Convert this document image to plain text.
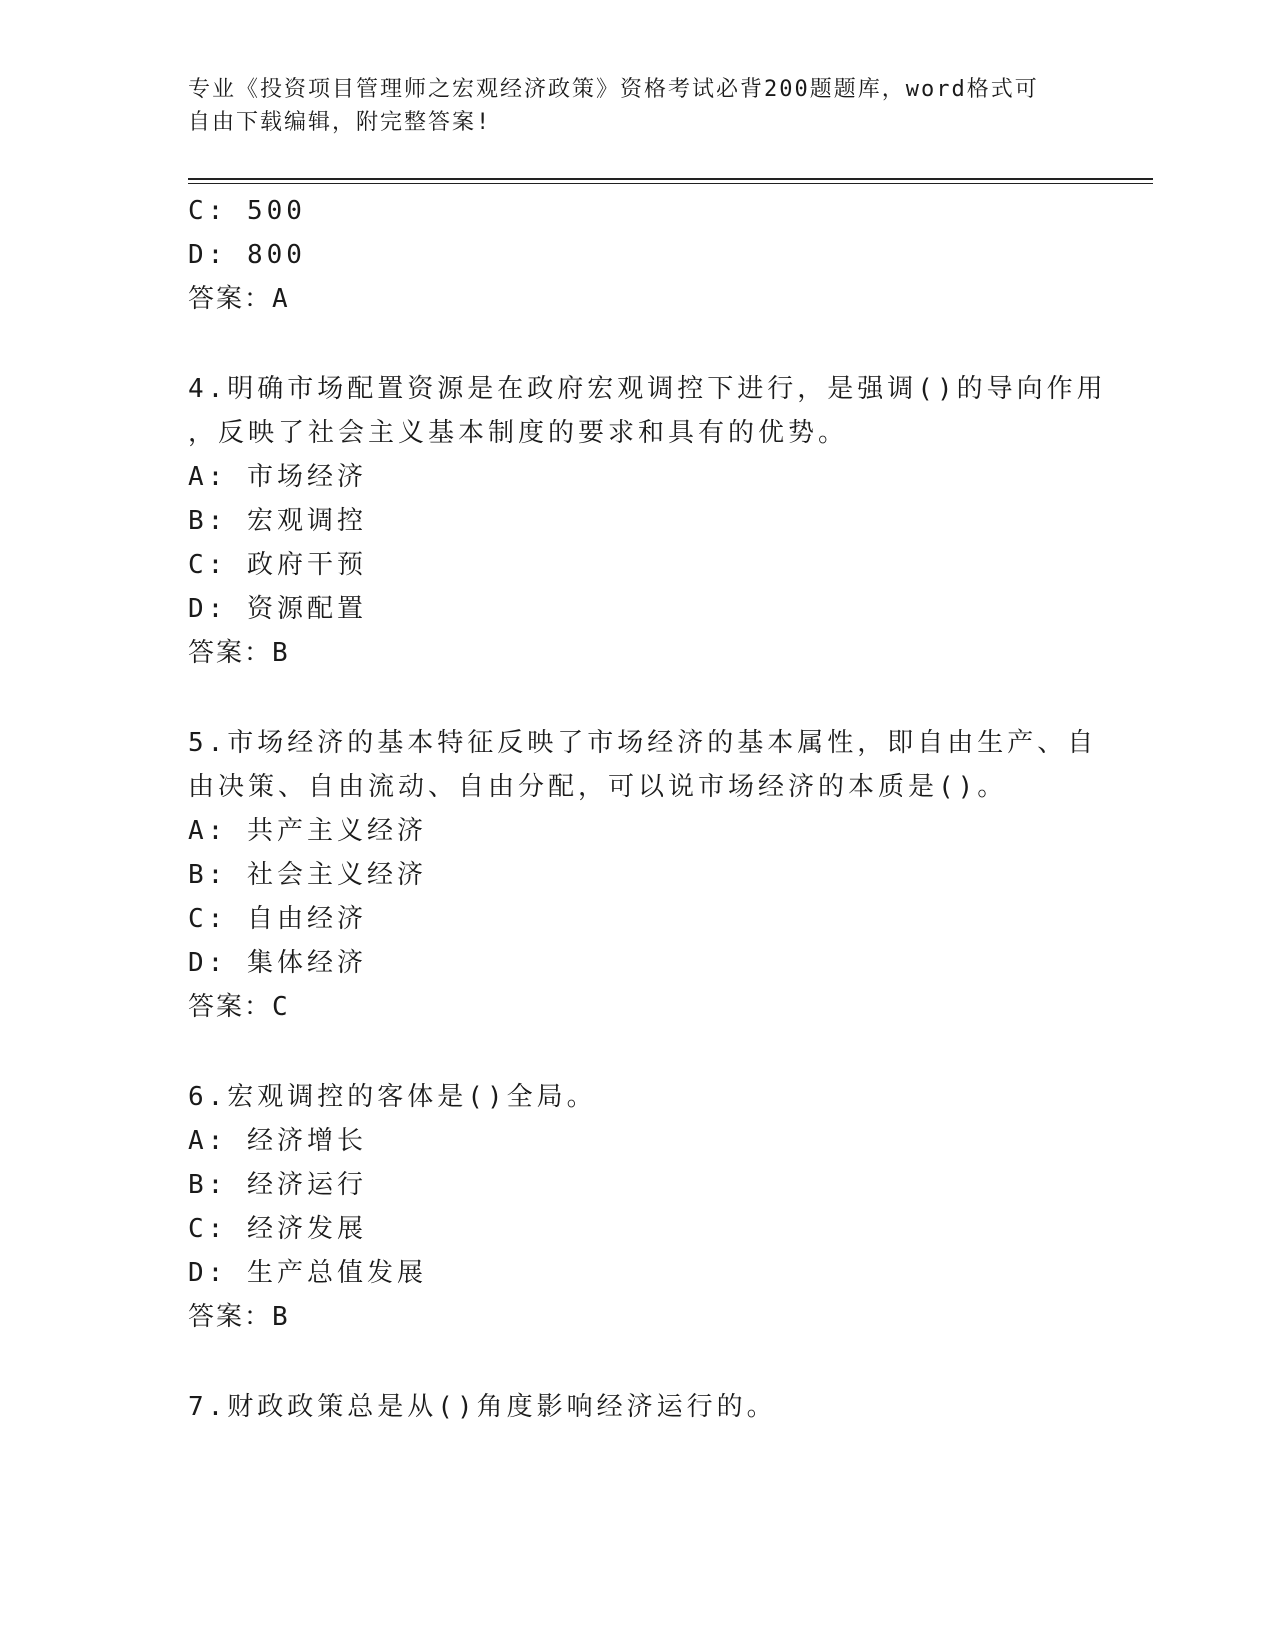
专业《投资项目管理师之宏观经济政策》资格考试必背200题题库，word格式可
自由下载编辑，附完整答案!
C: 500
D: 800
答案：A
4.明确市场配置资源是在政府宏观调控下进行，是强调()的导向作用
，反映了社会主义基本制度的要求和具有的优势。
A: 市场经济
B: 宏观调控
C: 政府干预
D: 资源配置
答案：B
5.市场经济的基本特征反映了市场经济的基本属性，即自由生产、自
由决策、自由流动、自由分配，可以说市场经济的本质是()。
A: 共产主义经济
B: 社会主义经济
C: 自由经济
D: 集体经济
答案：C
6.宏观调控的客体是()全局。
A: 经济增长
B: 经济运行
C: 经济发展
D: 生产总值发展
答案：B
7.财政政策总是从()角度影响经济运行的。
